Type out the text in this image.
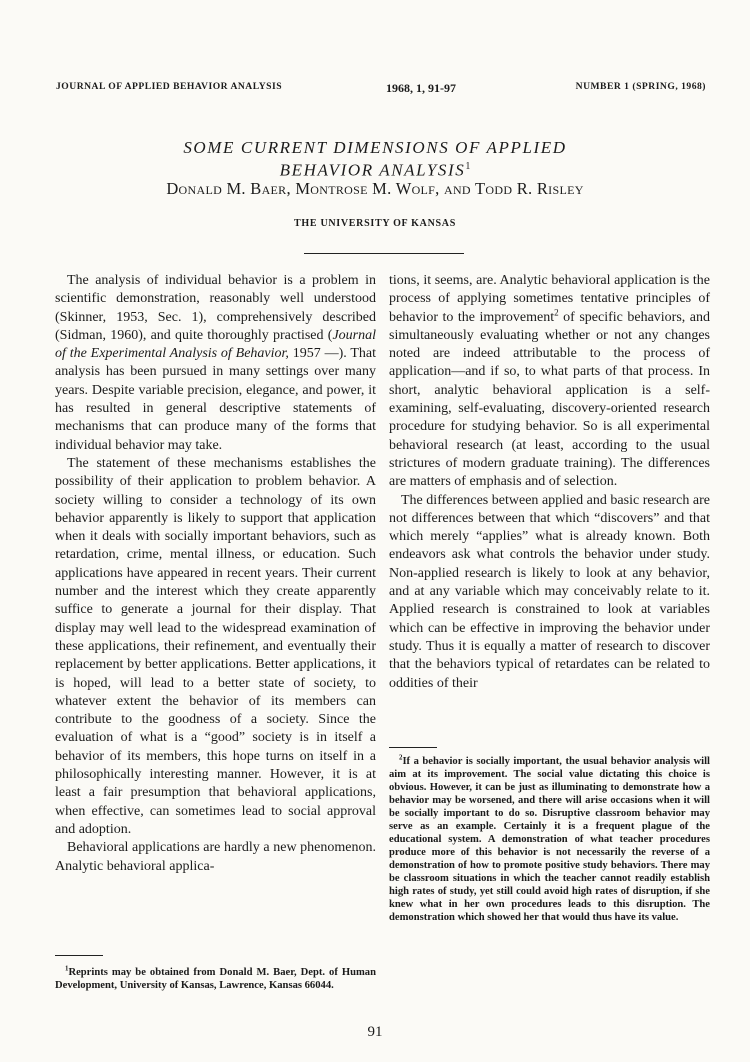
JOURNAL OF APPLIED BEHAVIOR ANALYSIS	1968, 1, 91-97	NUMBER 1 (SPRING, 1968)
SOME CURRENT DIMENSIONS OF APPLIED
BEHAVIOR ANALYSIS$^1$
Donald M. Baer, Montrose M. Wolf, and Todd R. Risley
THE UNIVERSITY OF KANSAS

The analysis of individual behavior is a problem in scientific demonstration, reasonably well understood (Skinner, 1953, Sec. 1), comprehensively described (Sidman, 1960), and quite thoroughly practised (Journal of the Experimental Analysis of Behavior, 1957 —). That analysis has been pursued in many settings over many years. Despite variable precision, elegance, and power, it has resulted in general descriptive statements of mechanisms that can produce many of the forms that individual behavior may take.

The statement of these mechanisms establishes the possibility of their application to problem behavior. A society willing to consider a technology of its own behavior apparently is likely to support that application when it deals with socially important behaviors, such as retardation, crime, mental illness, or education. Such applications have appeared in recent years. Their current number and the interest which they create apparently suffice to generate a journal for their display. That display may well lead to the widespread examination of these applications, their refinement, and eventually their replacement by better applications. Better applications, it is hoped, will lead to a better state of society, to whatever extent the behavior of its members can contribute to the goodness of a society. Since the evaluation of what is a “good” society is in itself a behavior of its members, this hope turns on itself in a philosophically interesting manner. However, it is at least a fair presumption that behavioral applications, when effective, can sometimes lead to social approval and adoption.

Behavioral applications are hardly a new phenomenon. Analytic behavioral applica-

tions, it seems, are. Analytic behavioral application is the process of applying sometimes tentative principles of behavior to the improvement$^2$ of specific behaviors, and simultaneously evaluating whether or not any changes noted are indeed attributable to the process of application—and if so, to what parts of that process. In short, analytic behavioral application is a self-examining, self-evaluating, discovery-oriented research procedure for studying behavior. So is all experimental behavioral research (at least, according to the usual strictures of modern graduate training). The differences are matters of emphasis and of selection.

The differences between applied and basic research are not differences between that which “discovers” and that which merely “applies” what is already known. Both endeavors ask what controls the behavior under study. Non-applied research is likely to look at any behavior, and at any variable which may conceivably relate to it. Applied research is constrained to look at variables which can be effective in improving the behavior under study. Thus it is equally a matter of research to discover that the behaviors typical of retardates can be related to oddities of their

$^2$If a behavior is socially important, the usual behavior analysis will aim at its improvement. The social value dictating this choice is obvious. However, it can be just as illuminating to demonstrate how a behavior may be worsened, and there will arise occasions when it will be socially important to do so. Disruptive classroom behavior may serve as an example. Certainly it is a frequent plague of the educational system. A demonstration of what teacher procedures produce more of this behavior is not necessarily the reverse of a demonstration of how to promote positive study behaviors. There may be classroom situations in which the teacher cannot readily establish high rates of study, yet still could avoid high rates of disruption, if she knew what in her own procedures leads to this disruption. The demonstration which showed her that would thus have its value.

$^1$Reprints may be obtained from Donald M. Baer, Dept. of Human Development, University of Kansas, Lawrence, Kansas 66044.

91
